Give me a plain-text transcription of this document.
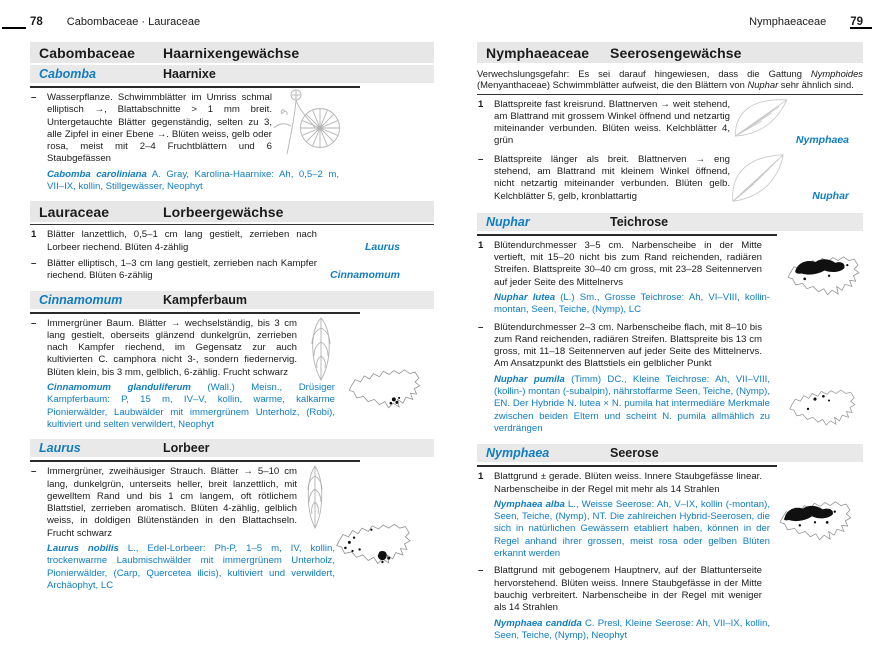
78 Cabombaceae · Lauraceae
Cabombaceae Haarnixengewächse
Cabomba	Haarnixe
– Wasserpflanze. Schwimmblätter im Umriss schmal elliptisch →, Blattabschnitte > 1 mm breit. Untergetauchte Blätter gegenständig, selten zu 3, alle Zipfel in einer Ebene →. Blüten weiss, gelb oder rosa, meist mit 2–4 Fruchtblättern und 6 Staubgefässen

Cabomba caroliniana A. Gray, Karolina-Haarnixe: Ah, 0,5–2 m, VII–IX, kollin, Stillgewässer, Neophyt

Lauraceae	Lorbeergewächse
1 Blätter lanzettlich, 0,5–1 cm lang gestielt, zerrieben nach Lorbeer riechend. Blüten 4-zählig	Laurus
– Blätter elliptisch, 1–3 cm lang gestielt, zerrieben nach Kampfer riechend. Blüten 6-zählig	Cinnamomum
Cinnamomum	Kampferbaum
– Immergrüner Baum. Blätter → wechselständig, bis 3 cm lang gestielt, oberseits glänzend dunkelgrün, zerrieben nach Kampfer riechend, im Gegensatz zur auch kultivierten C. camphora nicht 3-, sondern fiedernervig. Blüten klein, bis 3 mm, gelblich, 6-zählig. Frucht schwarz

Cinnamomum glanduliferum (Wall.) Meisn., Drüsiger Kampferbaum: P, 15 m, IV–V, kollin, warme, kalkarme Pionierwälder, Laubwälder mit immergrünem Unterholz, (Robi), kultiviert und selten verwildert, Neophyt

Laurus	Lorbeer
– Immergrüner, zweihäusiger Strauch. Blätter → 5–10 cm lang, dunkelgrün, unterseits heller, breit lanzettlich, mit gewelltem Rand und bis 1 cm langem, oft rötlichem Blattstiel, zerrieben aromatisch. Blüten 4-zählig, gelblich weiss, in doldigen Blütenständen in den Blattachseln. Frucht schwarz

Laurus nobilis L., Edel-Lorbeer: Ph-P, 1–5 m, IV, kollin, trockenwarme Laubmischwälder mit immergrünem Unterholz, Pionierwälder, (Carp, Quercetea ilicis), kultiviert und verwildert, Archäophyt, LC

Nymphaeaceae 79
Nymphaeaceae Seerosengewächse

Verwechslungsgefahr: Es sei darauf hingewiesen, dass die Gattung Nymphoides (Menyanthaceae) Schwimmblätter aufweist, die den Blättern von Nuphar sehr ähnlich sind.

1 Blattspreite fast kreisrund. Blattnerven → weit stehend, am Blattrand mit grossem Winkel öffnend und netzartig miteinander verbunden. Blüten weiss. Kelchblätter 4, grün	Nymphaea
– Blattspreite länger als breit. Blattnerven → eng stehend, am Blattrand mit kleinem Winkel öffnend, nicht netzartig miteinander verbunden. Blüten gelb. Kelchblätter 5, gelb, kronblattartig	Nuphar
Nuphar	Teichrose
1 Blütendurchmesser 3–5 cm. Narbenscheibe in der Mitte vertieft, mit 15–20 nicht bis zum Rand reichenden, radiären Streifen. Blattspreite 30–40 cm gross, mit 23–28 Seitennerven auf jeder Seite des Mittelnervs

Nuphar lutea (L.) Sm., Grosse Teichrose: Ah, VI–VIII, kollin-montan, Seen, Teiche, (Nymp), LC

– Blütendurchmesser 2–3 cm. Narbenscheibe flach, mit 8–10 bis zum Rand reichenden, radiären Streifen. Blattspreite bis 13 cm gross, mit 11–18 Seitennerven auf jeder Seite des Mittelnervs. Am Ansatzpunkt des Blattstiels ein gelblicher Punkt

Nuphar pumila (Timm) DC., Kleine Teichrose: Ah, VII–VIII, (kollin-) montan (-subalpin), nährstoffarme Seen, Teiche, (Nymp), EN. Der Hybride N. lutea × N. pumila hat intermediäre Merkmale zwischen beiden Eltern und scheint N. pumila allmählich zu verdrängen

Nymphaea	Seerose
1 Blattgrund ± gerade. Blüten weiss. Innere Staubgefässe linear. Narbenscheibe in der Regel mit mehr als 14 Strahlen

Nymphaea alba L., Weisse Seerose: Ah, V–IX, kollin (-montan), Seen, Teiche, (Nymp), NT. Die zahlreichen Hybrid-Seerosen, die sich in natürlichen Gewässern etabliert haben, können in der Regel anhand ihrer grossen, meist rosa oder gelben Blüten erkannt werden

– Blattgrund mit gebogenem Hauptnerv, auf der Blattunterseite hervorstehend. Blüten weiss. Innere Staubgefässe in der Mitte bauchig verbreitert. Narbenscheibe in der Regel mit weniger als 14 Strahlen

Nymphaea candida C. Presl, Kleine Seerose: Ah, VII–IX, kollin, Seen, Teiche, (Nymp), Neophyt
